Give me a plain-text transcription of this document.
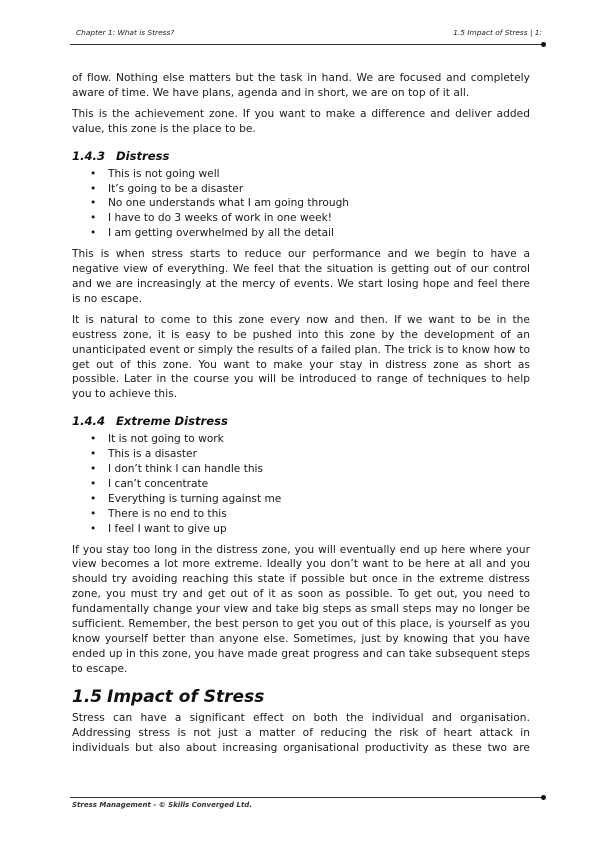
Chapter 1: What is Stress?	1.5 Impact of Stress | 1:

of flow. Nothing else matters but the task in hand. We are focused and completely aware of time. We have plans, agenda and in short, we are on top of it all.

This is the achievement zone. If you want to make a difference and deliver added value, this zone is the place to be.

1.4.3 Distress
• This is not going well
• It’s going to be a disaster
• No one understands what I am going through
• I have to do 3 weeks of work in one week!
• I am getting overwhelmed by all the detail

This is when stress starts to reduce our performance and we begin to have a negative view of everything. We feel that the situation is getting out of our control and we are increasingly at the mercy of events. We start losing hope and feel there is no escape.

It is natural to come to this zone every now and then. If we want to be in the eustress zone, it is easy to be pushed into this zone by the development of an unanticipated event or simply the results of a failed plan. The trick is to know how to get out of this zone. You want to make your stay in distress zone as short as possible. Later in the course you will be introduced to range of techniques to help you to achieve this.

1.4.4 Extreme Distress
• It is not going to work
• This is a disaster
• I don’t think I can handle this
• I can’t concentrate
• Everything is turning against me
• There is no end to this
• I feel I want to give up

If you stay too long in the distress zone, you will eventually end up here where your view becomes a lot more extreme. Ideally you don’t want to be here at all and you should try avoiding reaching this state if possible but once in the extreme distress zone, you must try and get out of it as soon as possible. To get out, you need to fundamentally change your view and take big steps as small steps may no longer be sufficient. Remember, the best person to get you out of this place, is yourself as you know yourself better than anyone else. Sometimes, just by knowing that you have ended up in this zone, you have made great progress and can take subsequent steps to escape.

1.5 Impact of Stress

Stress can have a significant effect on both the individual and organisation. Addressing stress is not just a matter of reducing the risk of heart attack in individuals but also about increasing organisational productivity as these two are

Stress Management - © Skills Converged Ltd.
